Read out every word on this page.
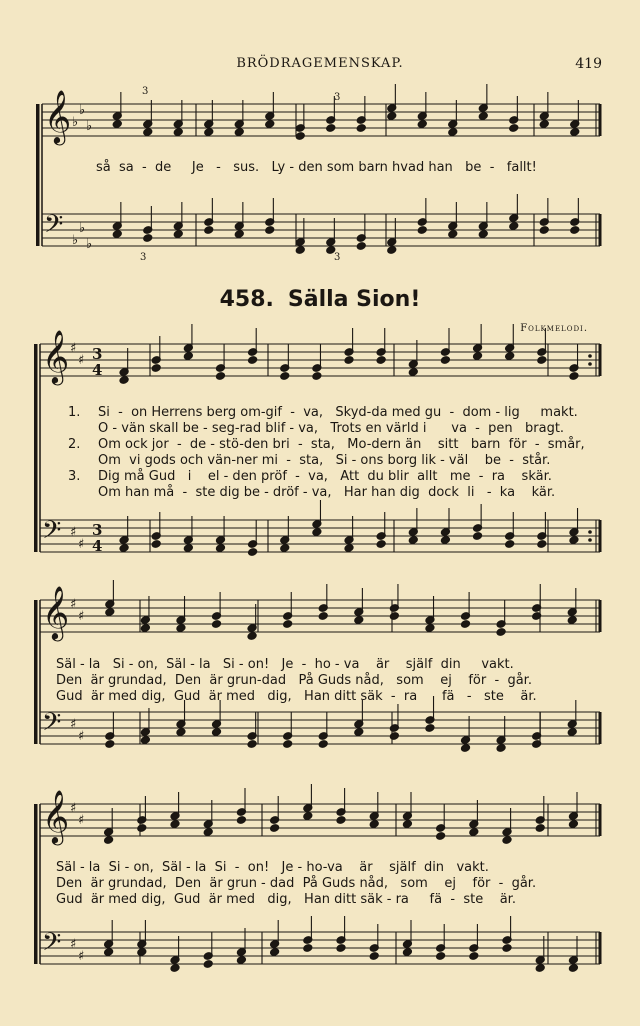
BRÖDRAGEMENSKAP.	419
458. Sälla Sion!
Folkmelodi.
𝄞
𝄢
♭
♭
♭
♭
♭
♭
3
3
3	3
𝄞
𝄢
♯
♯
♯
♯
3
4
3
4
𝄞
𝄢
♯
♯
♯
♯
𝄞
𝄢
♯
♯
♯
♯
så  sa  -  de     Je   -   sus.   Ly - den som barn hvad han   be  -   fallt!
1.
2.
3.
Si  -  on Herrens berg om-gif  -  va,   Skyd-da med gu  -  dom - lig     makt.
O - vän skall be - seg-rad blif - va,   Trots en värld i      va  -  pen   bragt.
Om ock jor  -  de - stö-den bri  -  sta,   Mo-dern än    sitt   barn  för  -  smår,
Om  vi gods och vän-ner mi  -  sta,   Si - ons borg lik - väl    be  -  står.
Dig må Gud   i    el - den pröf  -  va,   Att  du blir  allt   me  -  ra    skär.
Om han må  -  ste dig be - dröf - va,   Har han dig  dock  li   -  ka    kär.
Säl - la   Si - on,  Säl - la   Si - on!   Je  -  ho - va    är    själf  din     vakt.
Den  är grundad,  Den  är grun-dad   På Guds nåd,   som    ej    för  -  går.
Gud  är med dig,  Gud  är med   dig,   Han ditt säk  -  ra      fä   -   ste    är.
Säl - la  Si - on,  Säl - la  Si  -  on!   Je - ho-va    är    själf  din   vakt.
Den  är grundad,  Den  är grun - dad  På Guds nåd,   som    ej    för  -  går.
Gud  är med dig,  Gud  är med   dig,   Han ditt säk - ra     fä  -  ste    är.
